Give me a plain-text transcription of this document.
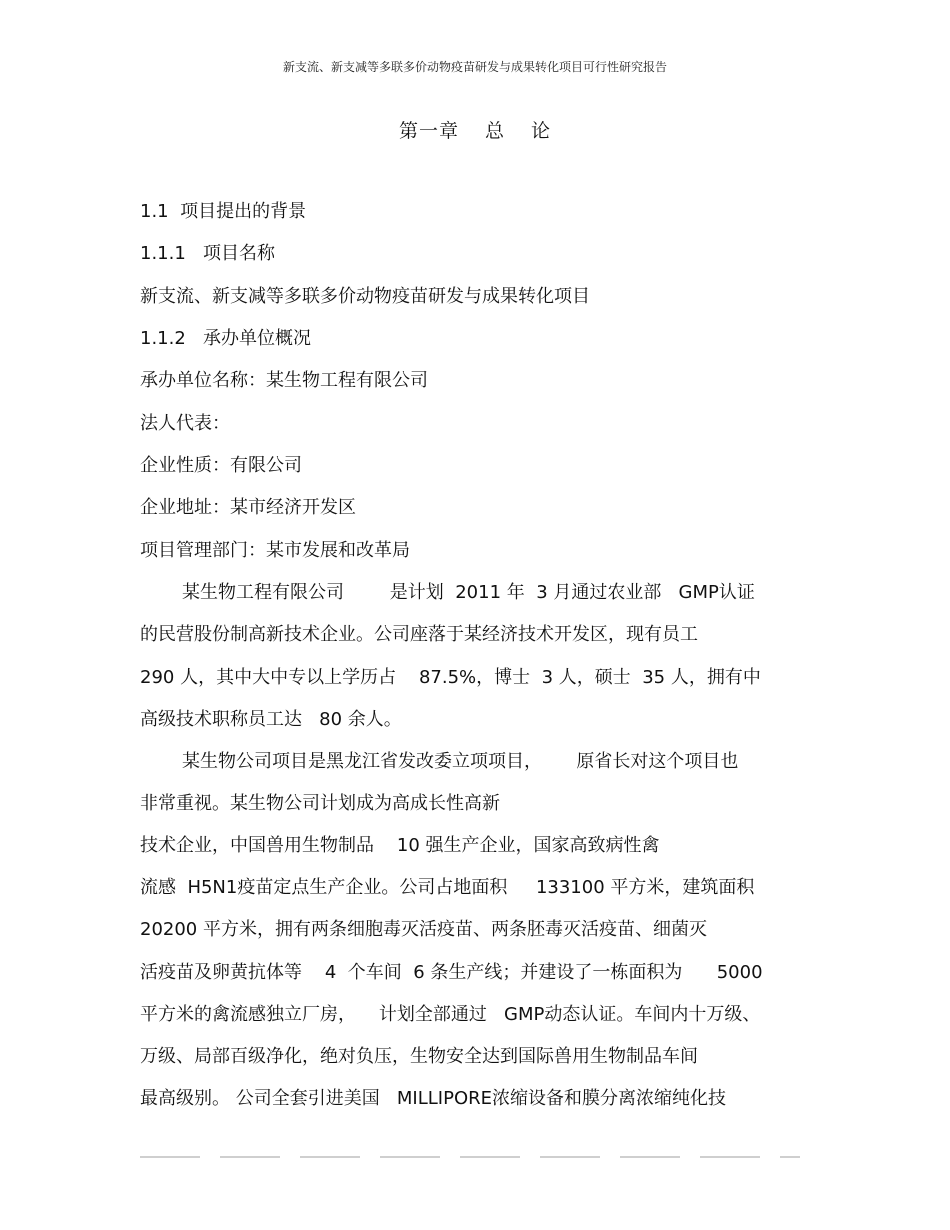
新支流、新支减等多联多价动物疫苗研发与成果转化项目可行性研究报告
第一章 总 论
1.1  项目提出的背景
1.1.1   项目名称
新支流、新支减等多联多价动物疫苗研发与成果转化项目
1.1.2   承办单位概况
承办单位名称：某生物工程有限公司
法人代表：
企业性质：有限公司
企业地址：某市经济开发区
项目管理部门：某市发展和改革局
某生物工程有限公司        是计划  2011 年  3 月通过农业部   GMP认证
的民营股份制高新技术企业。公司座落于某经济技术开发区，现有员工
290 人，其中大中专以上学历占    87.5%，博士  3 人，硕士  35 人，拥有中
高级技术职称员工达   80 余人。
某生物公司项目是黑龙江省发改委立项项目，      原省长对这个项目也
非常重视。某生物公司计划成为高成长性高新
技术企业，中国兽用生物制品    10 强生产企业，国家高致病性禽
流感  H5N1疫苗定点生产企业。公司占地面积     133100 平方米，建筑面积
20200 平方米，拥有两条细胞毒灭活疫苗、两条胚毒灭活疫苗、细菌灭
活疫苗及卵黄抗体等    4  个车间  6 条生产线；并建设了一栋面积为      5000
平方米的禽流感独立厂房，    计划全部通过   GMP动态认证。车间内十万级、
万级、局部百级净化，绝对负压，生物安全达到国际兽用生物制品车间
最高级别。 公司全套引进美国   MILLIPORE浓缩设备和膜分离浓缩纯化技
